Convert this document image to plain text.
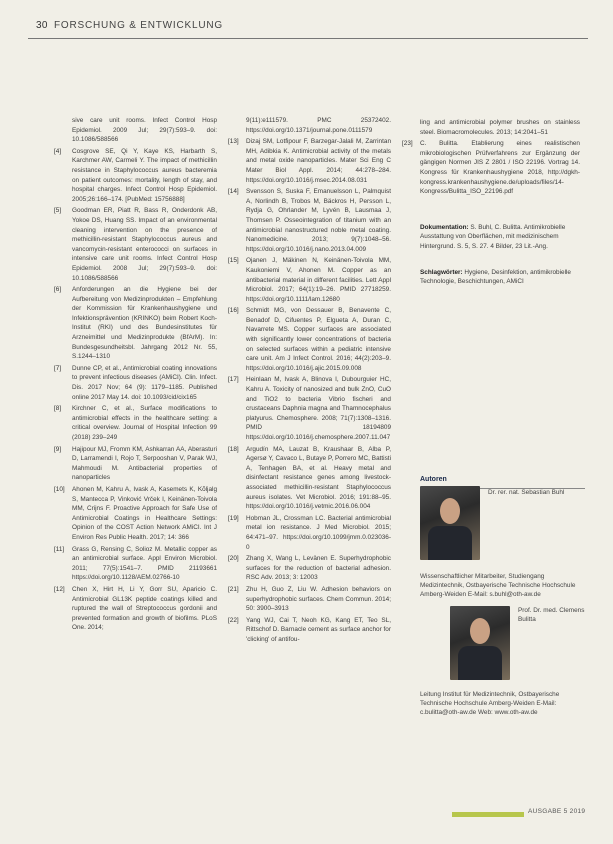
30 FORSCHUNG & ENTWICKLUNG
sive care unit rooms. Infect Control Hosp Epidemiol. 2009 Jul; 29(7):593–9. doi: 10.1086/588566
[4] Cosgrove SE, Qi Y, Kaye KS, Harbarth S, Karchmer AW, Carmeli Y. The impact of methicillin resistance in Staphylococcus aureus bacteremia on patient outcomes: mortality, length of stay, and hospital charges. Infect Control Hosp Epidemiol. 2005;26:166–174. [PubMed: 15756888]
[5] Goodman ER, Piatt R, Bass R, Onderdonk AB, Yokoe DS, Huang SS. Impact of an environmental cleaning intervention on the presence of methicillin-resistant Staphylococcus aureus and vancomycin-resistant enterococci on surfaces in intensive care unit rooms. Infect Control Hosp Epidemiol. 2008 Jul; 29(7):593–9. doi: 10.1086/588566
[6] Anforderungen an die Hygiene bei der Aufbereitung von Medizinprodukten – Empfehlung der Kommission für Krankenhaushygiene und Infektionsprävention (KRINKO) beim Robert Koch-Institut (RKI) und des Bundesinstitutes für Arzneimittel und Medizinprodukte (BfArM). In: Bundesgesundheitsbl. Jahrgang 2012 Nr. 55, S.1244–1310
[7] Dunne CP, et al., Antimicrobial coating innovations to prevent infectious diseases (AMiCI). Clin. Infect. Dis. 2017 Nov; 64 (9): 1179–1185. Published online 2017 May 14. doi: 10.1093/cid/cix165
[8] Kirchner C, et al., Surface modifications to antimicrobial effects in the healthcare setting: a critical overview. Journal of Hospital Infection 99 (2018) 239–249
[9] Hajipour MJ, Fromm KM, Ashkarran AA, Aberasturi D, Larramendi I, Rojo T, Serpooshan V, Parak WJ, Mahmoudi M. Antibacterial properties of nanoparticles
[10] Ahonen M, Kahru A, Ivask A, Kasemets K, Kõljalg S, Mantecca P, Vinković Vrček I, Keinänen-Toivola MM, Crijns F. Proactive Approach for Safe Use of Antimicrobial Coatings in Healthcare Settings: Opinion of the COST Action Network AMiCI. Int J Environ Res Public Health. 2017; 14: 366
[11] Grass G, Rensing C, Solioz M. Metallic copper as an antimicrobial surface. Appl Environ Microbiol. 2011; 77(5):1541–7. PMID 21193661 https://doi.org/10.1128/AEM.02766-10
[12] Chen X, Hirt H, Li Y, Gorr SU, Aparicio C. Antimicrobial GL13K peptide coatings killed and ruptured the wall of Streptococcus gordonii and prevented formation and growth of biofilms. PLoS One. 2014;
9(11):e111579. PMC 25372402. https://doi.org/10.1371/journal.pone.0111579
[13] Dizaj SM, Lotfipour F, Barzegar-Jalali M, Zarrintan MH, Adibkia K. Antimicrobial activity of the metals and metal oxide nanoparticles. Mater Sci Eng C Mater Biol Appl. 2014; 44:278–284. https://doi.org/10.1016/j.msec.2014.08.031
[14] Svensson S, Suska F, Emanuelsson L, Palmquist A, Norlindh B, Trobos M, Bäckros H, Persson L, Rydja G, Ohrlander M, Lyvén B, Lausmaa J, Thomsen P. Osseointegration of titanium with an antimicrobial nanostructured noble metal coating. Nanomedicine. 2013; 9(7):1048–56. https://doi.org/10.1016/j.nano.2013.04.009
[15] Ojanen J, Mäkinen N, Keinänen-Toivola MM, Kaukoniemi V, Ahonen M. Copper as an antibacterial material in different facilities. Lett Appl Microbiol. 2017; 64(1):19–26. PMID 27718259. https://doi.org/10.1111/lam.12680
[16] Schmidt MG, von Dessauer B, Benavente C, Benadof D, Cifuentes P, Elgueta A, Duran C, Navarrete MS. Copper surfaces are associated with significantly lower concentrations of bacteria on selected surfaces within a pediatric intensive care unit. Am J Infect Control. 2016; 44(2):203–9. https://doi.org/10.1016/j.ajic.2015.09.008
[17] Heinlaan M, Ivask A, Blinova I, Dubourguier HC, Kahru A. Toxicity of nanosized and bulk ZnO, CuO and TiO2 to bacteria Vibrio fischeri and crustaceans Daphnia magna and Thamnocephalus platyurus. Chemosphere. 2008; 71(7):1308–1316. PMID 18194809 https://doi.org/10.1016/j.chemosphere.2007.11.047
[18] Argudín MA, Lauzat B, Kraushaar B, Alba P, Agersø Y, Cavaco L, Butaye P, Porrero MC, Battisti A, Tenhagen BA, et al. Heavy metal and disinfectant resistance genes among livestock-associated methicillin-resistant Staphylococcus aureus isolates. Vet Microbiol. 2016; 191:88–95. https://doi.org/10.1016/j.vetmic.2016.06.004
[19] Hobman JL, Crossman LC. Bacterial antimicrobial metal ion resistance. J Med Microbiol. 2015; 64:471–97. https://doi.org/10.1099/jmm.0.023036-0
[20] Zhang X, Wang L, Levänen E. Superhydrophobic surfaces for the reduction of bacterial adhesion. RSC Adv. 2013; 3: 12003
[21] Zhu H, Guo Z, Liu W. Adhesion behaviors on superhydrophobic surfaces. Chem Commun. 2014; 50: 3900–3913
[22] Yang WJ, Cai T, Neoh KG, Kang ET, Teo SL, Rittschof D. Barnacle cement as surface anchor for 'clicking' of antifou-
ling and antimicrobial polymer brushes on stainless steel. Biomacromolecules. 2013; 14:2041–51
[23] C. Bulitta. Etablierung eines realistischen mikrobiologischen Prüfverfahrens zur Ergänzung der gängigen Normen JIS Z 2801 / ISO 22196. Vortrag 14. Kongress für Krankenhaushygiene 2018, http://dgkh-kongress.krankenhaushygiene.de/uploads/files/14-Kongress/Bulitta_ISO_22196.pdf
Dokumentation: S. Buhl, C. Bulitta. Antimikrobielle Ausstattung von Oberflächen, mit medizinischem Hintergrund. S. 5, S. 27. 4 Bilder, 23 Lit.-Ang.
Schlagwörter: Hygiene, Desinfektion, antimikrobielle Technologie, Beschichtungen, AMiCI
Autoren
Dr. rer. nat. Sebastian Buhl
Wissenschaftlicher Mitarbeiter, Studiengang Medizintechnik, Ostbayerische Technische Hochschule Amberg-Weiden E-Mail: s.buhl@oth-aw.de
Prof. Dr. med. Clemens Bulitta
Leitung Institut für Medizintechnik, Ostbayerische Technische Hochschule Amberg-Weiden E-Mail: c.bulitta@oth-aw.de Web: www.oth-aw.de
AUSGABE 5 2019
